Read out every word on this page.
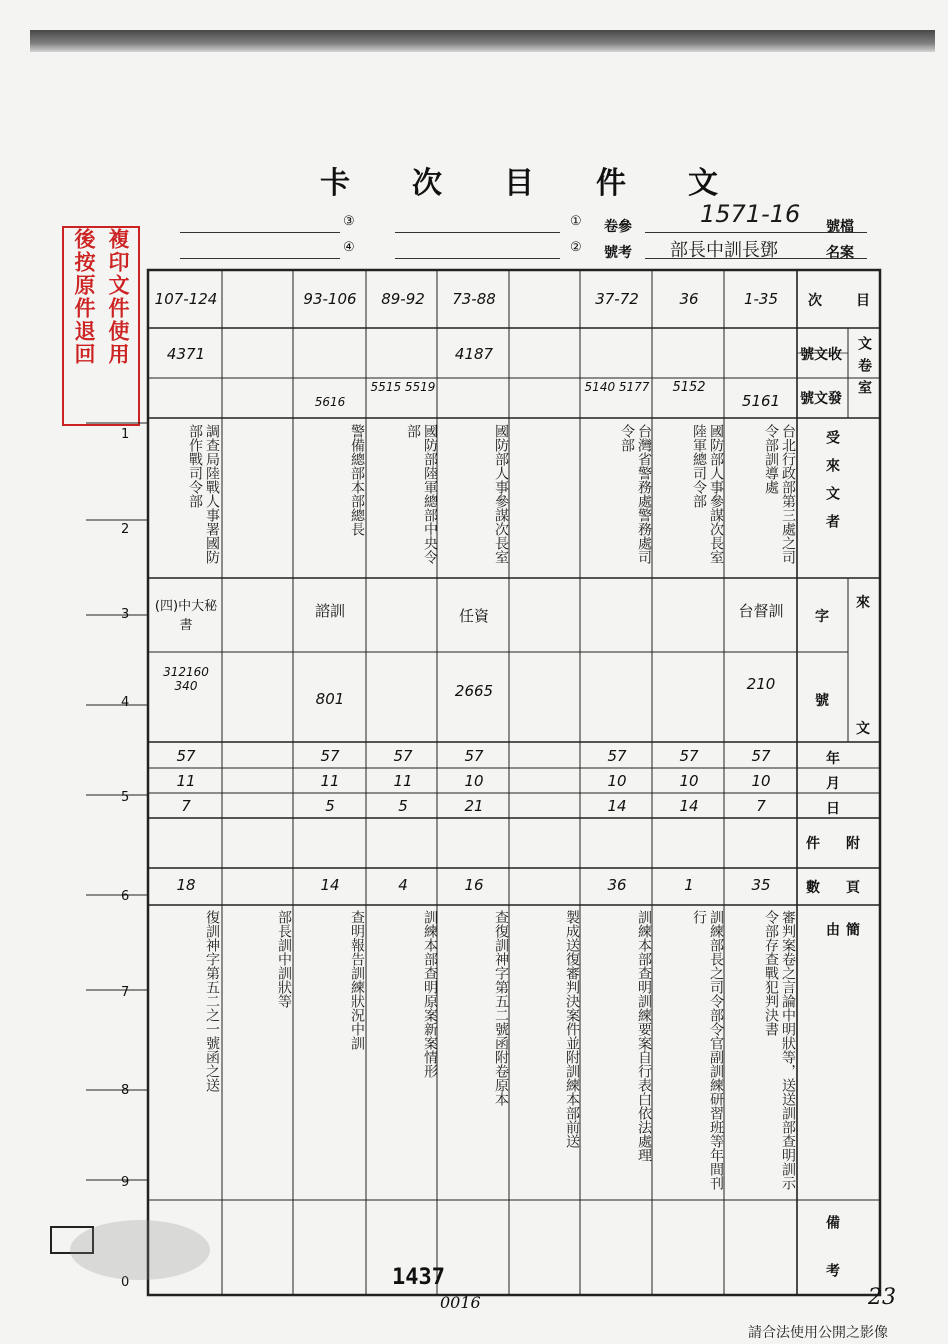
卡 次 目 件 文
③
④
①
②
卷參
號考
號檔
名案
1571-16
部長中訓長鄧
複印文件使用
後按原件退回
1
2
3
4
5
6
7
8
9
0
次　目
文卷室
號文收
號文發
受來文者
字
號
來
文
年
月
日
附
件
頁
數
簡由
備考
1-35
5161
台北行政部第三處之司令部訓導處
台督訓
210
57
10
7
35
審判案卷之言論中明狀等，送送訓部查明訓示令部存查戰犯判決書
36
5152
國防部人事參謀次長室陸軍總司令部
57
10
14
1
訓練部長之司令部令官副訓練研習班等年間刊行
37-72
5140 5177
台灣省警務處警務處司令部
57
10
14
36
訓練本部查明訓練要案自行表白依法處理
製成送復審判決案件並附訓練本部前送
73-88
4187
國防部人事參謀次長室
任資
2665
57
10
21
16
查復訓神字第五二號函附卷原本
89-92
5515 5519
國防部陸軍總部中央令部
57
11
5
4
訓練本部查明原案新案情形
93-106
5616
警備總部本部總長
諮訓
801
57
11
5
14
查明報告訓練狀況中訓
部長訓中訓狀等
107-124
4371
調查局陸戰人事署國防部作戰司令部
(四)中大秘書
312160 340
57
11
7
18
復訓神字第五二之一號函之送
1437
0016	23
請合法使用公開之影像
